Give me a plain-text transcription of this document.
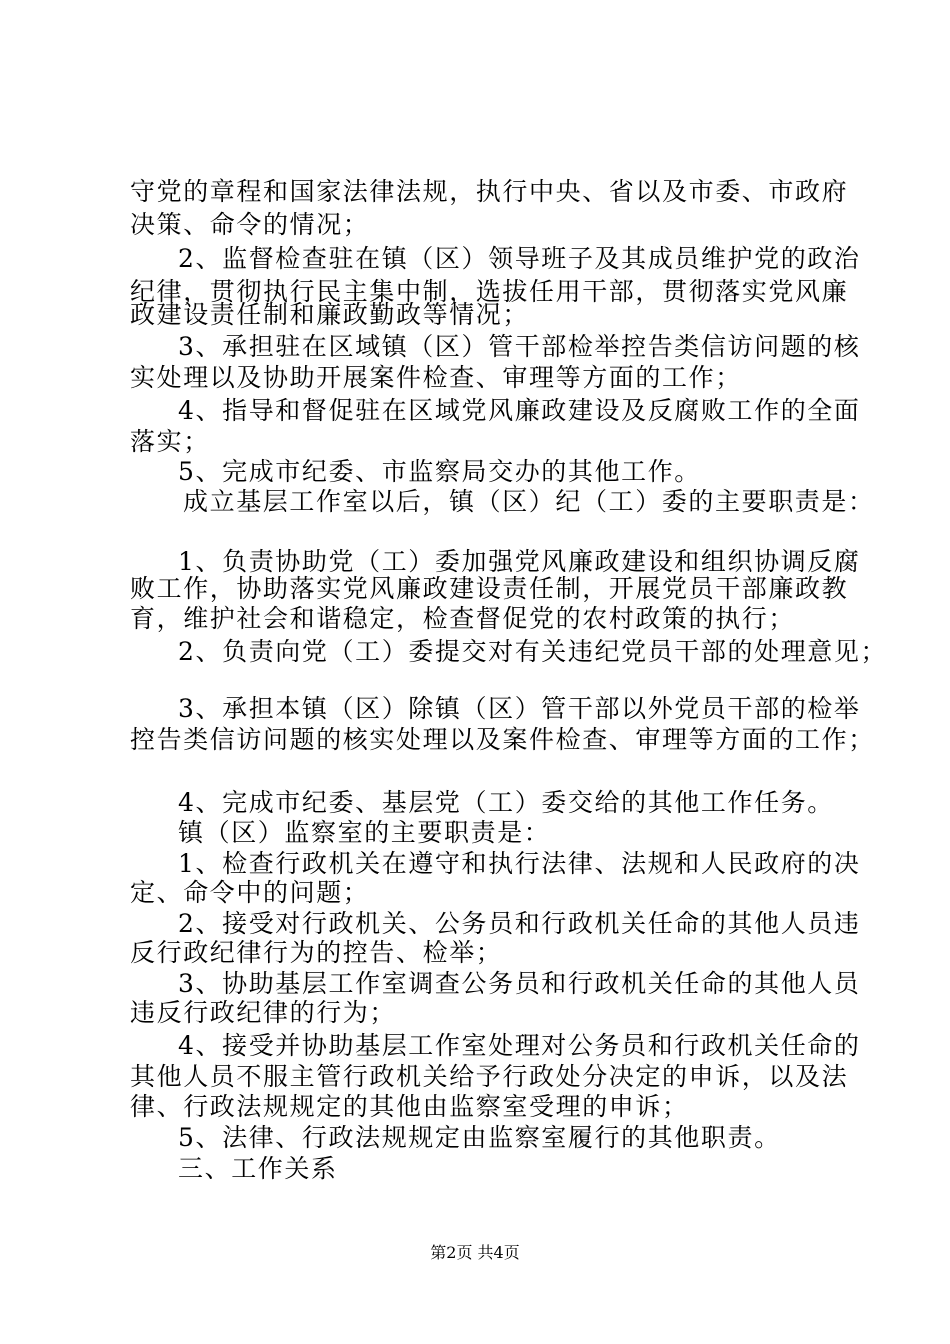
守党的章程和国家法律法规，执行中央、省以及市委、市政府
决策、命令的情况；
2、监督检查驻在镇（区）领导班子及其成员维护党的政治
纪律，贯彻执行民主集中制，选拔任用干部，贯彻落实党风廉
政建设责任制和廉政勤政等情况；
3、承担驻在区域镇（区）管干部检举控告类信访问题的核
实处理以及协助开展案件检查、审理等方面的工作；
4、指导和督促驻在区域党风廉政建设及反腐败工作的全面
落实；
5、完成市纪委、市监察局交办的其他工作。
成立基层工作室以后，镇（区）纪（工）委的主要职责是：
1、负责协助党（工）委加强党风廉政建设和组织协调反腐
败工作，协助落实党风廉政建设责任制，开展党员干部廉政教
育，维护社会和谐稳定，检查督促党的农村政策的执行；
2、负责向党（工）委提交对有关违纪党员干部的处理意见；
3、承担本镇（区）除镇（区）管干部以外党员干部的检举
控告类信访问题的核实处理以及案件检查、审理等方面的工作；
4、完成市纪委、基层党（工）委交给的其他工作任务。
镇（区）监察室的主要职责是：
1、检查行政机关在遵守和执行法律、法规和人民政府的决
定、命令中的问题；
2、接受对行政机关、公务员和行政机关任命的其他人员违
反行政纪律行为的控告、检举；
3、协助基层工作室调查公务员和行政机关任命的其他人员
违反行政纪律的行为；
4、接受并协助基层工作室处理对公务员和行政机关任命的
其他人员不服主管行政机关给予行政处分决定的申诉，以及法
律、行政法规规定的其他由监察室受理的申诉；
5、法律、行政法规规定由监察室履行的其他职责。
三、工作关系
第2页 共4页
